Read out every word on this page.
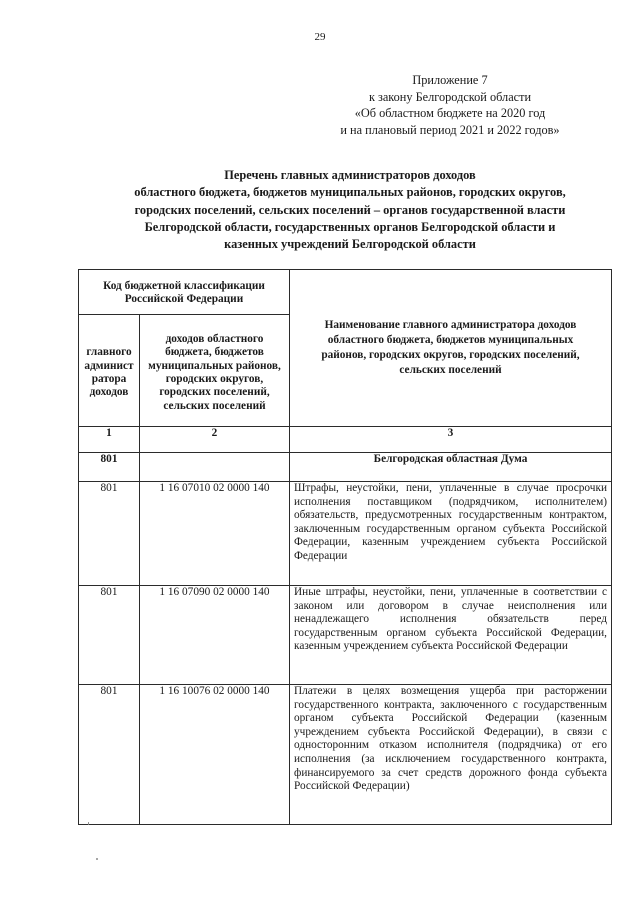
29
Приложение 7
к закону Белгородской области
«Об областном бюджете на 2020 год
и на плановый период 2021 и 2022 годов»
Перечень главных администраторов доходов
областного бюджета, бюджетов муниципальных районов, городских округов,
городских поселений, сельских поселений – органов государственной власти
Белгородской области, государственных органов Белгородской области и
казенных учреждений Белгородской области
Код бюджетной классификации Российской Федерации		Наименование главного администратора доходов областного бюджета, бюджетов муниципальных районов, городских округов, городских поселений, сельских поселений
главного админист ратора доходов	доходов областного бюджета, бюджетов муниципальных районов, городских округов, городских поселений, сельских поселений	
1	2	3
801		Белгородская областная Дума
801	1 16 07010 02 0000 140	Штрафы, неустойки, пени, уплаченные в случае просрочки исполнения поставщиком (подрядчиком, исполнителем) обязательств, предусмотренных государственным контрактом, заключенным государственным органом субъекта Российской Федерации, казенным учреждением субъекта Российской Федерации
801	1 16 07090 02 0000 140	Иные штрафы, неустойки, пени, уплаченные в соответствии с законом или договором в случае неисполнения или ненадлежащего исполнения обязательств перед государственным органом субъекта Российской Федерации, казенным учреждением субъекта Российской Федерации
801	1 16 10076 02 0000 140	Платежи в целях возмещения ущерба при расторжении государственного контракта, заключенного с государственным органом субъекта Российской Федерации (казенным учреждением субъекта Российской Федерации), в связи с односторонним отказом исполнителя (подрядчика) от его исполнения (за исключением государственного контракта, финансируемого за счет средств дорожного фонда субъекта Российской Федерации)
